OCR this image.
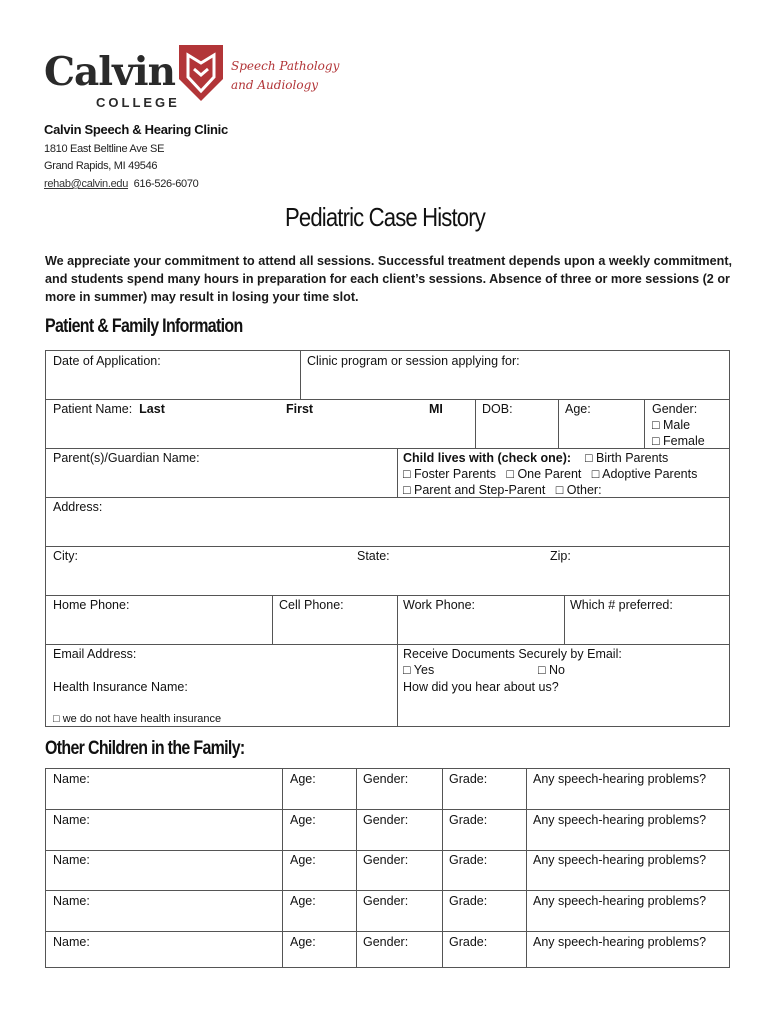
Calvin
COLLEGE
Speech Pathology
and Audiology
Calvin Speech & Hearing Clinic
1810 East Beltline Ave SE
Grand Rapids, MI 49546
rehab@calvin.edu 616-526-6070
Pediatric Case History
We appreciate your commitment to attend all sessions. Successful treatment depends upon a weekly commitment, and students spend many hours in preparation for each client’s sessions. Absence of three or more sessions (2 or more in summer) may result in losing your time slot.
Patient & Family Information
Date of Application:	Clinic program or session applying for:
Patient Name: Last	First	MI	DOB:	Age:	Gender:
□ Male
□ Female
Parent(s)/Guardian Name:	Child lives with (check one): □ Birth Parents
□ Foster Parents □ One Parent □ Adoptive Parents
□ Parent and Step-Parent □ Other:
Address:
City:	State:	Zip:
Home Phone:	Cell Phone:	Work Phone:	Which # preferred:
Email Address:	Receive Documents Securely by Email:
□ Yes	□ No
Health Insurance Name:	How did you hear about us?
□ we do not have health insurance
Other Children in the Family:
Name:	Age:	Gender:	Grade:	Any speech-hearing problems?
Name:	Age:	Gender:	Grade:	Any speech-hearing problems?
Name:	Age:	Gender:	Grade:	Any speech-hearing problems?
Name:	Age:	Gender:	Grade:	Any speech-hearing problems?
Name:	Age:	Gender:	Grade:	Any speech-hearing problems?
